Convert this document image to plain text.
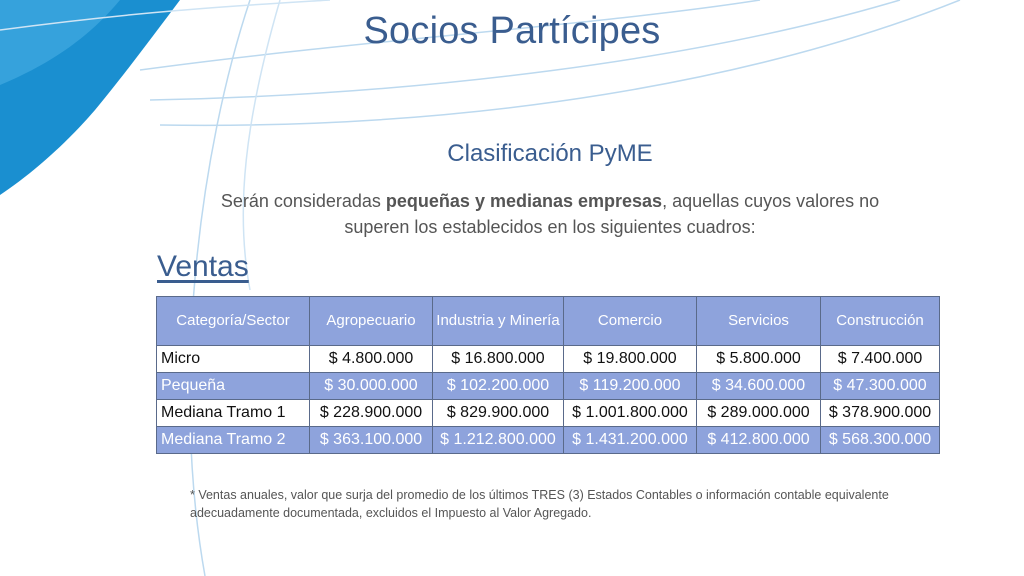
Socios Partícipes
Clasificación PyME
Serán consideradas pequeñas y medianas empresas, aquellas cuyos valores no superen los establecidos en los siguientes cuadros:
Ventas
Categoría/Sector	Agropecuario	Industria y Minería	Comercio	Servicios	Construcción
Micro	$ 4.800.000	$ 16.800.000	$ 19.800.000	$ 5.800.000	$ 7.400.000
Pequeña	$ 30.000.000	$ 102.200.000	$ 119.200.000	$ 34.600.000	$ 47.300.000
Mediana Tramo 1	$ 228.900.000	$ 829.900.000	$ 1.001.800.000	$ 289.000.000	$ 378.900.000
Mediana Tramo 2	$ 363.100.000	$ 1.212.800.000	$ 1.431.200.000	$ 412.800.000	$ 568.300.000
* Ventas anuales, valor que surja del promedio de los últimos TRES (3) Estados Contables o información contable equivalente adecuadamente documentada, excluidos el Impuesto al Valor Agregado.
